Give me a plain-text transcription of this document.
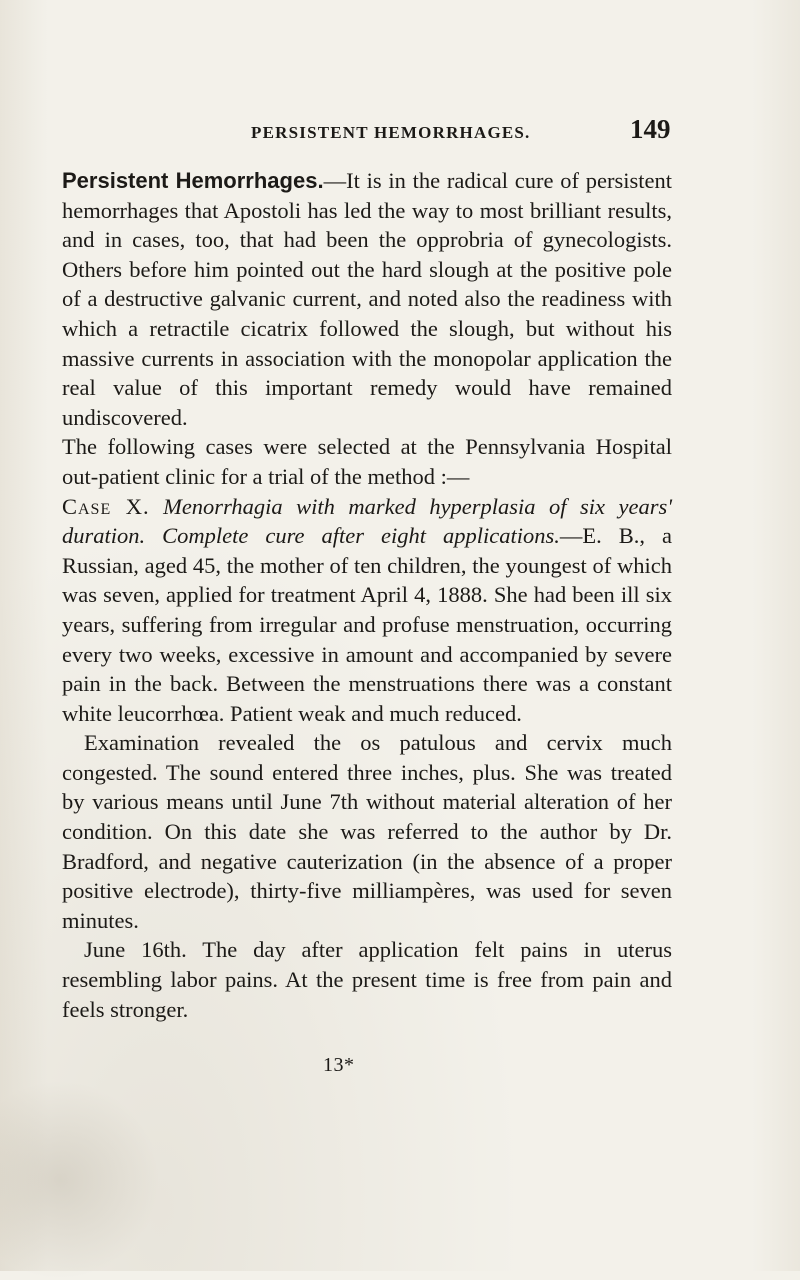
PERSISTENT HEMORRHAGES.	149

Persistent Hemorrhages.—It is in the radical cure of persistent hemorrhages that Apostoli has led the way to most brilliant results, and in cases, too, that had been the opprobria of gynecologists. Others before him pointed out the hard slough at the positive pole of a destructive galvanic current, and noted also the readiness with which a retractile cicatrix followed the slough, but without his massive currents in association with the monopolar application the real value of this important remedy would have remained undiscovered.

The following cases were selected at the Pennsylvania Hospital out-patient clinic for a trial of the method :—

Case X. Menorrhagia with marked hyperplasia of six years' duration. Complete cure after eight applications.—E. B., a Russian, aged 45, the mother of ten children, the youngest of which was seven, applied for treatment April 4, 1888. She had been ill six years, suffering from irregular and profuse menstruation, occurring every two weeks, excessive in amount and accompanied by severe pain in the back. Between the menstruations there was a constant white leucorrhœa. Patient weak and much reduced.

Examination revealed the os patulous and cervix much congested. The sound entered three inches, plus. She was treated by various means until June 7th without material alteration of her condition. On this date she was referred to the author by Dr. Bradford, and negative cauterization (in the absence of a proper positive electrode), thirty-five milliampères, was used for seven minutes.

June 16th. The day after application felt pains in uterus resembling labor pains. At the present time is free from pain and feels stronger.

13*
